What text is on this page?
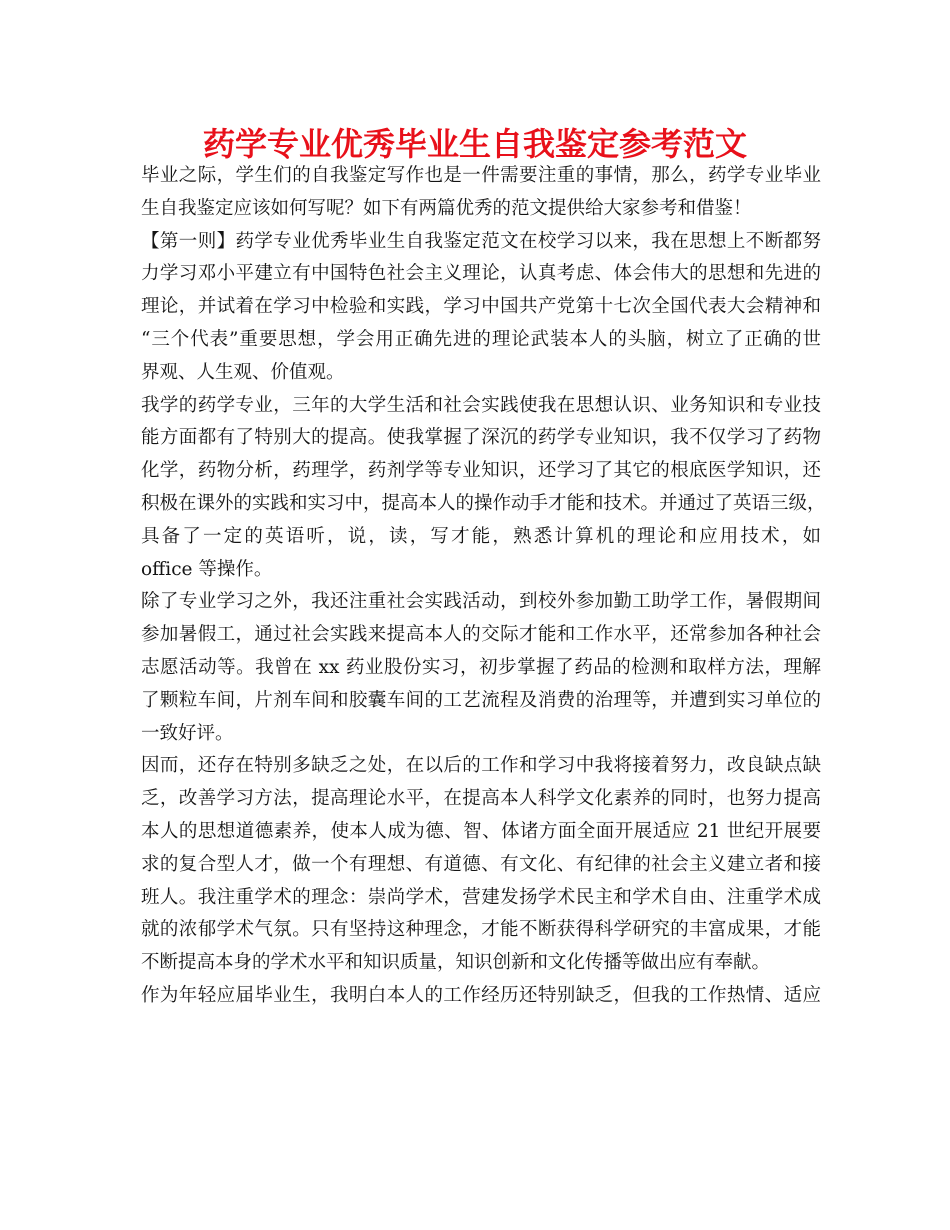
药学专业优秀毕业生自我鉴定参考范文
毕业之际，学生们的自我鉴定写作也是一件需要注重的事情，那么，药学专业毕业
生自我鉴定应该如何写呢？如下有两篇优秀的范文提供给大家参考和借鉴！
【第一则】药学专业优秀毕业生自我鉴定范文在校学习以来，我在思想上不断都努
力学习邓小平建立有中国特色社会主义理论，认真考虑、体会伟大的思想和先进的
理论，并试着在学习中检验和实践，学习中国共产党第十七次全国代表大会精神和
“三个代表”重要思想，学会用正确先进的理论武装本人的头脑，树立了正确的世
界观、人生观、价值观。
我学的药学专业，三年的大学生活和社会实践使我在思想认识、业务知识和专业技
能方面都有了特别大的提高。使我掌握了深沉的药学专业知识，我不仅学习了药物
化学，药物分析，药理学，药剂学等专业知识，还学习了其它的根底医学知识，还
积极在课外的实践和实习中，提高本人的操作动手才能和技术。并通过了英语三级，
具备了一定的英语听，说，读，写才能，熟悉计算机的理论和应用技术，如
office 等操作。
除了专业学习之外，我还注重社会实践活动，到校外参加勤工助学工作，暑假期间
参加暑假工，通过社会实践来提高本人的交际才能和工作水平，还常参加各种社会
志愿活动等。我曾在 xx 药业股份实习，初步掌握了药品的检测和取样方法，理解
了颗粒车间，片剂车间和胶囊车间的工艺流程及消费的治理等，并遭到实习单位的
一致好评。
因而，还存在特别多缺乏之处，在以后的工作和学习中我将接着努力，改良缺点缺
乏，改善学习方法，提高理论水平，在提高本人科学文化素养的同时，也努力提高
本人的思想道德素养，使本人成为德、智、体诸方面全面开展适应 21 世纪开展要
求的复合型人才，做一个有理想、有道德、有文化、有纪律的社会主义建立者和接
班人。我注重学术的理念：崇尚学术，营建发扬学术民主和学术自由、注重学术成
就的浓郁学术气氛。只有坚持这种理念，才能不断获得科学研究的丰富成果，才能
不断提高本身的学术水平和知识质量，知识创新和文化传播等做出应有奉献。
作为年轻应届毕业生，我明白本人的工作经历还特别缺乏，但我的工作热情、适应
